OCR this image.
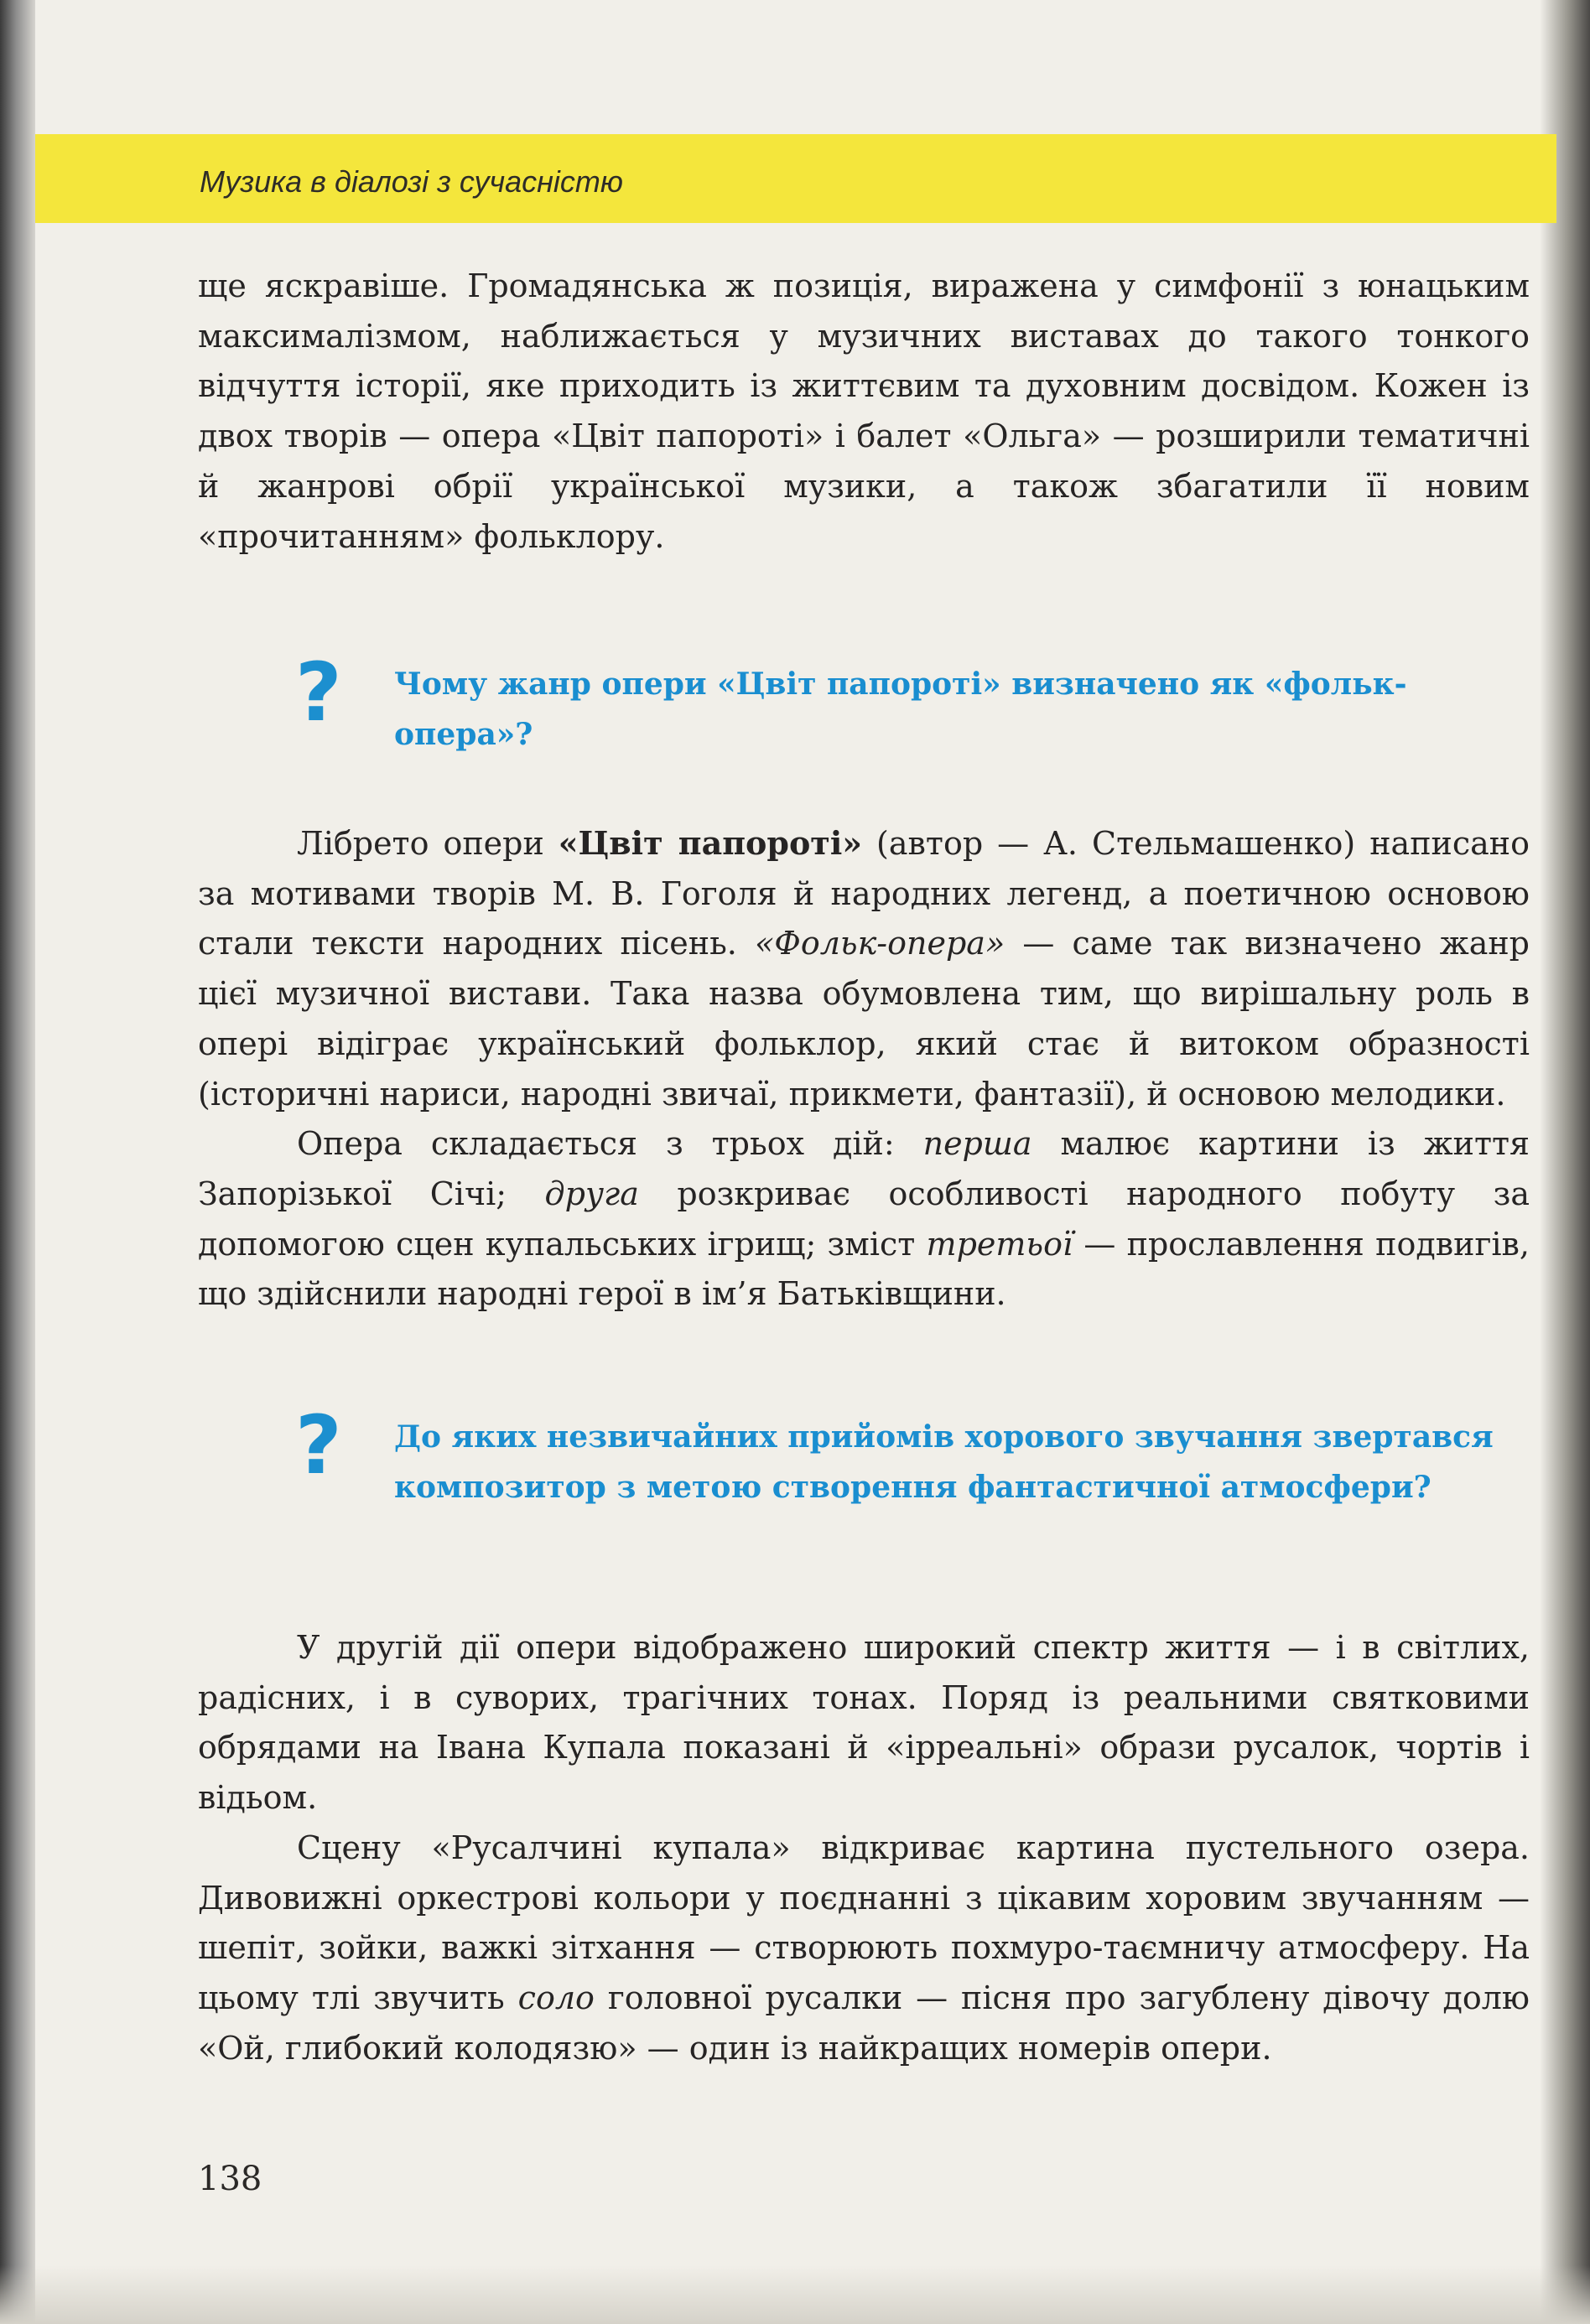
Музика в діалозі з сучасністю

ще яскравіше. Громадянська ж позиція, виражена у симфонії з юнацьким максималізмом, наближається у музичних виставах до такого тонкого відчуття історії, яке приходить із життєвим та духовним досвідом. Кожен із двох творів — опера «Цвіт папороті» і балет «Ольга» — розширили тематичні й жанрові обрії української музики, а також збагатили її новим «прочитанням» фольклору.

? Чому жанр опери «Цвіт папороті» визначено як «фольк-опера»?

Лібрето опери «Цвіт папороті» (автор — А. Стельмашенко) написано за мотивами творів М. В. Гоголя й народних легенд, а поетичною основою стали тексти народних пісень. «Фольк-опера» — саме так визначено жанр цієї музичної вистави. Така назва обумовлена тим, що вирішальну роль в опері відіграє український фольклор, який стає й витоком образності (історичні нариси, народні звичаї, прикмети, фантазії), й основою мелодики.

Опера складається з трьох дій: перша малює картини із життя Запорізької Січі; друга розкриває особливості народного побуту за допомогою сцен купальських ігрищ; зміст третьої — прославлення подвигів, що здійснили народні герої в ім’я Батьківщини.

? До яких незвичайних прийомів хорового звучання звертався композитор з метою створення фантастичної атмосфери?

У другій дії опери відображено широкий спектр життя — і в світлих, радісних, і в суворих, трагічних тонах. Поряд із реальними святковими обрядами на Івана Купала показані й «ірреальні» образи русалок, чортів і відьом.

Сцену «Русалчині купала» відкриває картина пустельного озера. Дивовижні оркестрові кольори у поєднанні з цікавим хоровим звучанням — шепіт, зойки, важкі зітхання — створюють похмуро-таємничу атмосферу. На цьому тлі звучить соло головної русалки — пісня про загублену дівочу долю «Ой, глибокий колодязю» — один із найкращих номерів опери.

138
